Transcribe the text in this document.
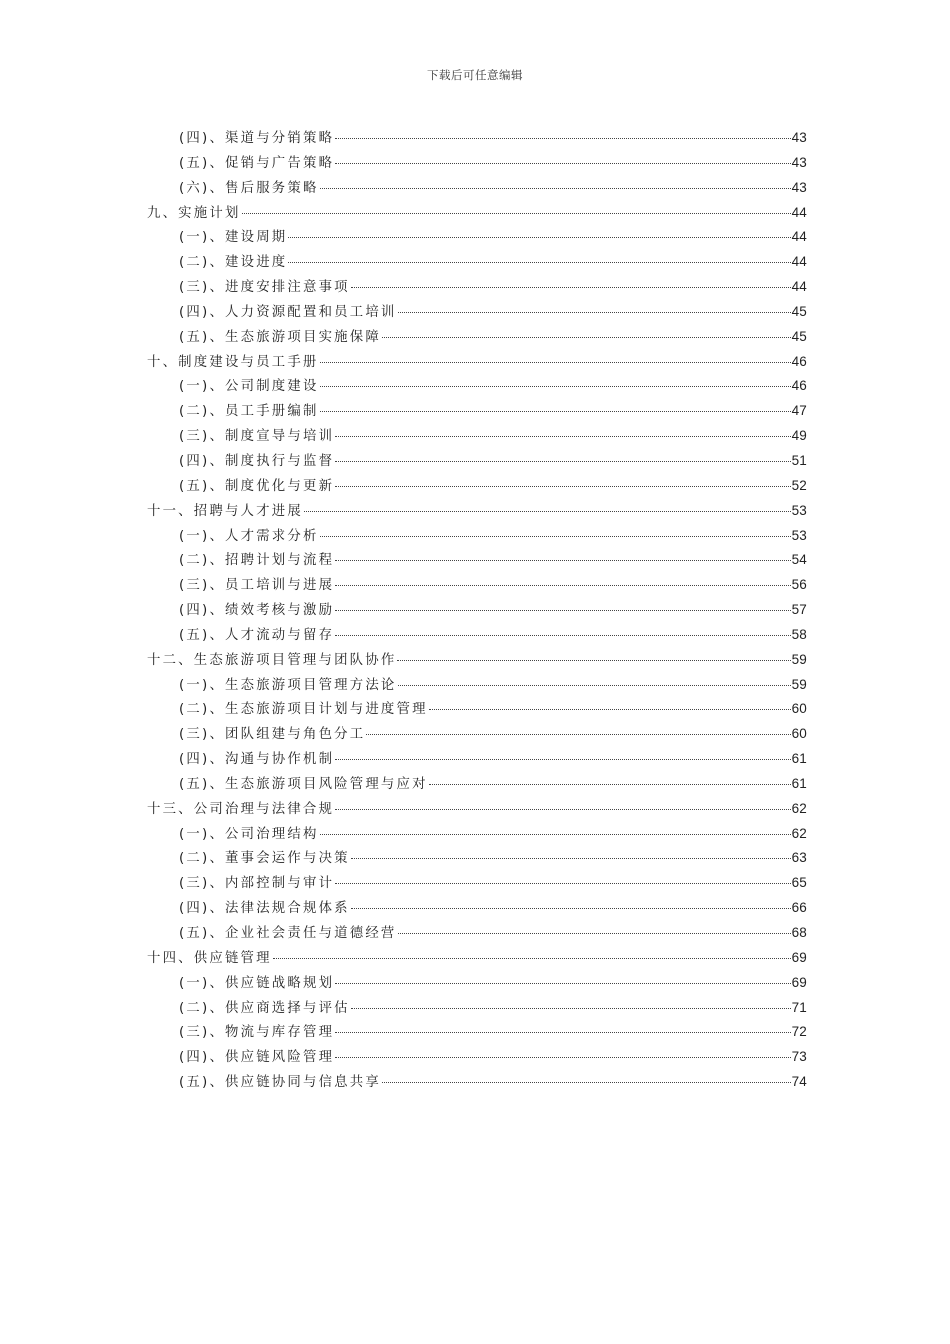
下载后可任意编辑
(四)、渠道与分销策略	43
(五)、促销与广告策略	43
(六)、售后服务策略	43
九、实施计划	44
(一)、建设周期	44
(二)、建设进度	44
(三)、进度安排注意事项	44
(四)、人力资源配置和员工培训	45
(五)、生态旅游项目实施保障	45
十、制度建设与员工手册	46
(一)、公司制度建设	46
(二)、员工手册编制	47
(三)、制度宣导与培训	49
(四)、制度执行与监督	51
(五)、制度优化与更新	52
十一、招聘与人才进展	53
(一)、人才需求分析	53
(二)、招聘计划与流程	54
(三)、员工培训与进展	56
(四)、绩效考核与激励	57
(五)、人才流动与留存	58
十二、生态旅游项目管理与团队协作	59
(一)、生态旅游项目管理方法论	59
(二)、生态旅游项目计划与进度管理	60
(三)、团队组建与角色分工	60
(四)、沟通与协作机制	61
(五)、生态旅游项目风险管理与应对	61
十三、公司治理与法律合规	62
(一)、公司治理结构	62
(二)、董事会运作与决策	63
(三)、内部控制与审计	65
(四)、法律法规合规体系	66
(五)、企业社会责任与道德经营	68
十四、供应链管理	69
(一)、供应链战略规划	69
(二)、供应商选择与评估	71
(三)、物流与库存管理	72
(四)、供应链风险管理	73
(五)、供应链协同与信息共享	74
